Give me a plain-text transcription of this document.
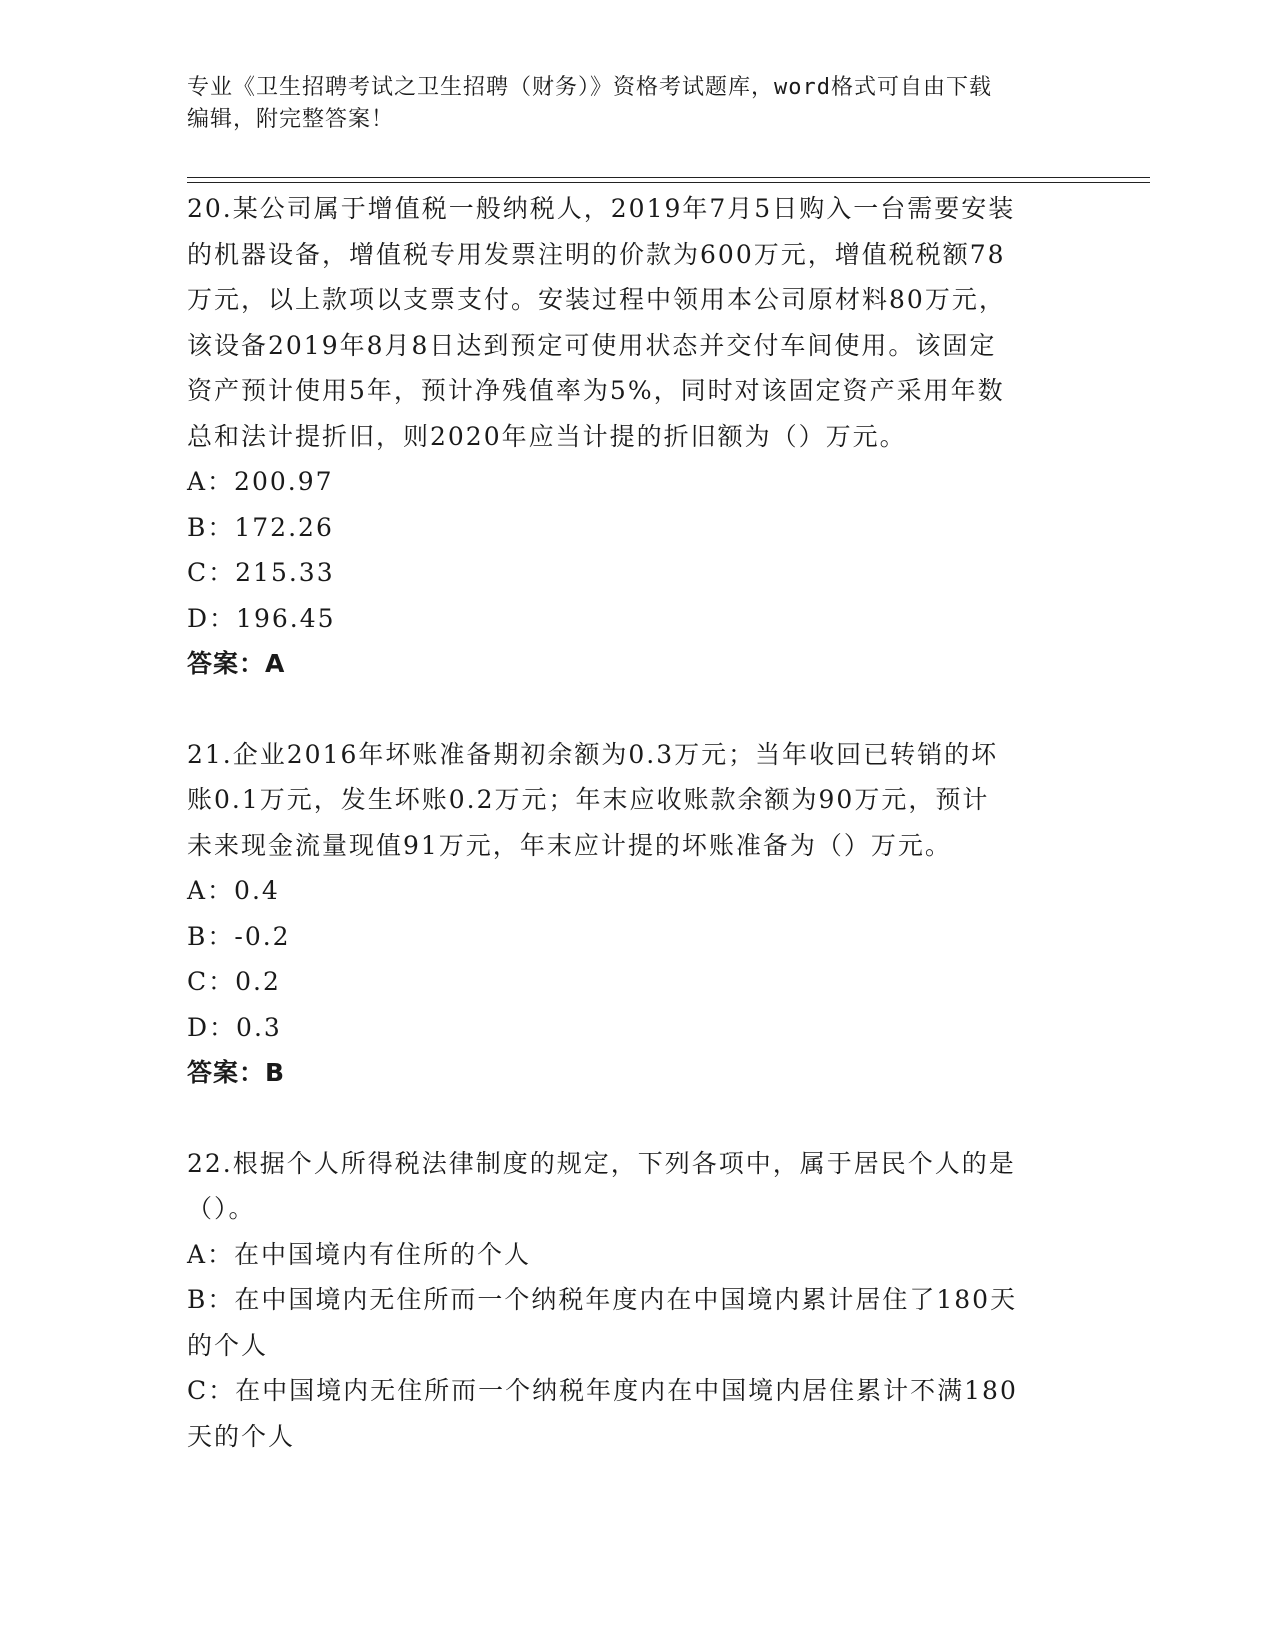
专业《卫生招聘考试之卫生招聘（财务）》资格考试题库，word格式可自由下载
编辑，附完整答案！
20.某公司属于增值税一般纳税人，2019年7月5日购入一台需要安装
的机器设备，增值税专用发票注明的价款为600万元，增值税税额78
万元，以上款项以支票支付。安装过程中领用本公司原材料80万元，
该设备2019年8月8日达到预定可使用状态并交付车间使用。该固定
资产预计使用5年，预计净残值率为5%，同时对该固定资产采用年数
总和法计提折旧，则2020年应当计提的折旧额为（）万元。
A：200.97
B：172.26
C：215.33
D：196.45
答案：A
21.企业2016年坏账准备期初余额为0.3万元；当年收回已转销的坏
账0.1万元，发生坏账0.2万元；年末应收账款余额为90万元，预计
未来现金流量现值91万元，年末应计提的坏账准备为（）万元。
A：0.4
B：-0.2
C：0.2
D：0.3
答案：B
22.根据个人所得税法律制度的规定，下列各项中，属于居民个人的是
（）。
A：在中国境内有住所的个人
B：在中国境内无住所而一个纳税年度内在中国境内累计居住了180天
的个人
C：在中国境内无住所而一个纳税年度内在中国境内居住累计不满180
天的个人
